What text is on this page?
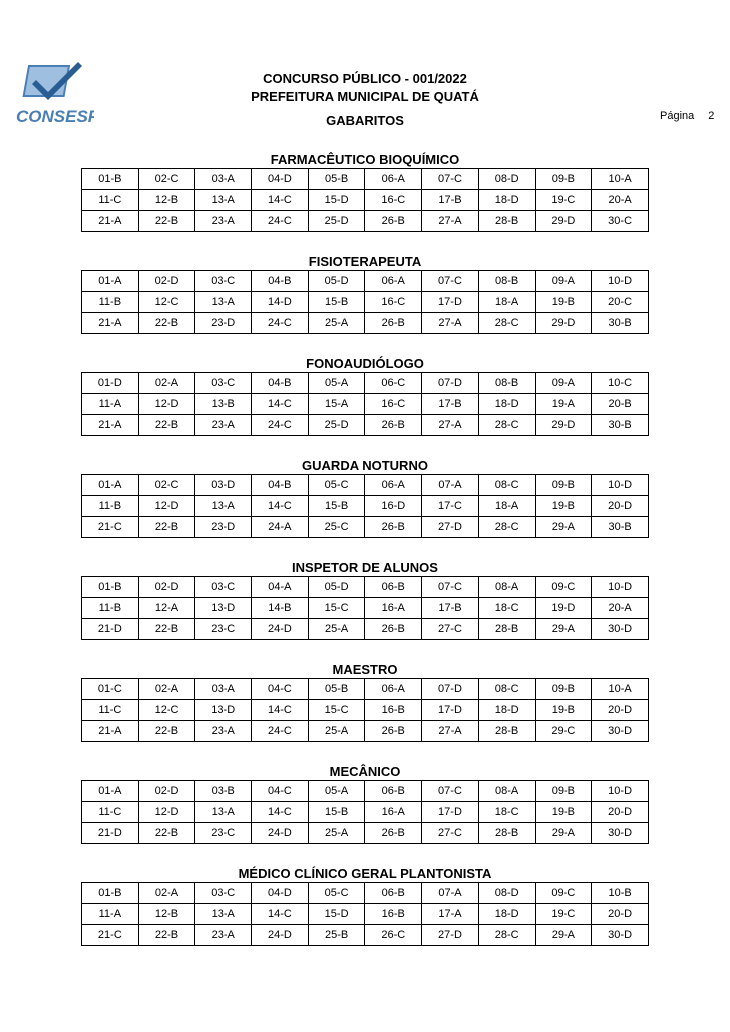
CONSESP
CONCURSO PÚBLICO - 001/2022
PREFEITURA MUNICIPAL DE QUATÁ
GABARITOS	Página 2
FARMACÊUTICO BIOQUÍMICO
01-B	02-C	03-A	04-D	05-B	06-A	07-C	08-D	09-B	10-A
11-C	12-B	13-A	14-C	15-D	16-C	17-B	18-D	19-C	20-A
21-A	22-B	23-A	24-C	25-D	26-B	27-A	28-B	29-D	30-C
FISIOTERAPEUTA
01-A	02-D	03-C	04-B	05-D	06-A	07-C	08-B	09-A	10-D
11-B	12-C	13-A	14-D	15-B	16-C	17-D	18-A	19-B	20-C
21-A	22-B	23-D	24-C	25-A	26-B	27-A	28-C	29-D	30-B
FONOAUDIÓLOGO
01-D	02-A	03-C	04-B	05-A	06-C	07-D	08-B	09-A	10-C
11-A	12-D	13-B	14-C	15-A	16-C	17-B	18-D	19-A	20-B
21-A	22-B	23-A	24-C	25-D	26-B	27-A	28-C	29-D	30-B
GUARDA NOTURNO
01-A	02-C	03-D	04-B	05-C	06-A	07-A	08-C	09-B	10-D
11-B	12-D	13-A	14-C	15-B	16-D	17-C	18-A	19-B	20-D
21-C	22-B	23-D	24-A	25-C	26-B	27-D	28-C	29-A	30-B
INSPETOR DE ALUNOS
01-B	02-D	03-C	04-A	05-D	06-B	07-C	08-A	09-C	10-D
11-B	12-A	13-D	14-B	15-C	16-A	17-B	18-C	19-D	20-A
21-D	22-B	23-C	24-D	25-A	26-B	27-C	28-B	29-A	30-D
MAESTRO
01-C	02-A	03-A	04-C	05-B	06-A	07-D	08-C	09-B	10-A
11-C	12-C	13-D	14-C	15-C	16-B	17-D	18-D	19-B	20-D
21-A	22-B	23-A	24-C	25-A	26-B	27-A	28-B	29-C	30-D
MECÂNICO
01-A	02-D	03-B	04-C	05-A	06-B	07-C	08-A	09-B	10-D
11-C	12-D	13-A	14-C	15-B	16-A	17-D	18-C	19-B	20-D
21-D	22-B	23-C	24-D	25-A	26-B	27-C	28-B	29-A	30-D
MÉDICO CLÍNICO GERAL PLANTONISTA
01-B	02-A	03-C	04-D	05-C	06-B	07-A	08-D	09-C	10-B
11-A	12-B	13-A	14-C	15-D	16-B	17-A	18-D	19-C	20-D
21-C	22-B	23-A	24-D	25-B	26-C	27-D	28-C	29-A	30-D
